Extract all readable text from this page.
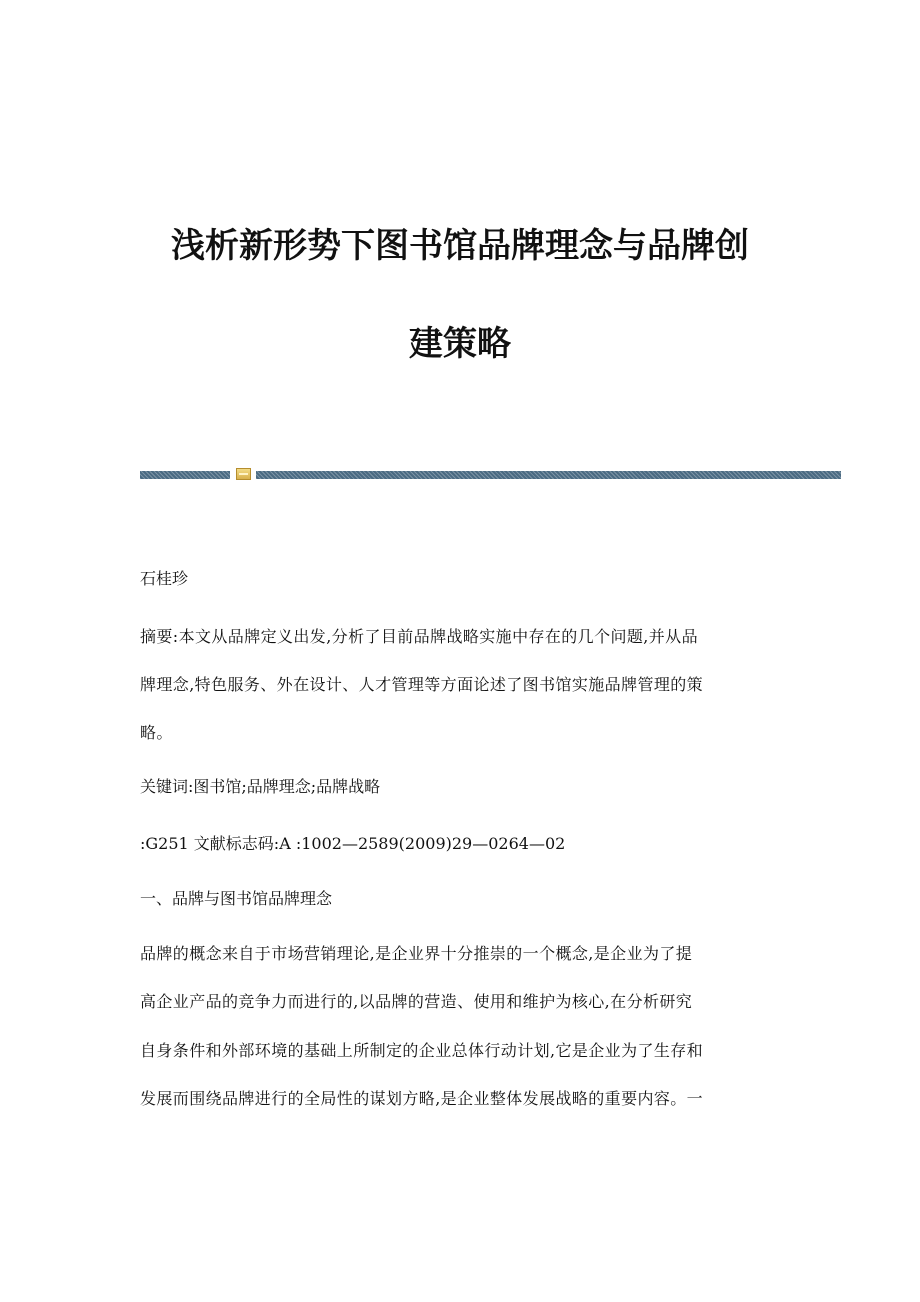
浅析新形势下图书馆品牌理念与品牌创
建策略
石桂珍
摘要:本文从品牌定义出发,分析了目前品牌战略实施中存在的几个问题,并从品
牌理念,特色服务、外在设计、人才管理等方面论述了图书馆实施品牌管理的策
略。
关键词:图书馆;品牌理念;品牌战略
:G251 文献标志码:A :1002—2589(2009)29—0264—02
一、品牌与图书馆品牌理念
品牌的概念来自于市场营销理论,是企业界十分推崇的一个概念,是企业为了提
高企业产品的竞争力而进行的,以品牌的营造、使用和维护为核心,在分析研究
自身条件和外部环境的基础上所制定的企业总体行动计划,它是企业为了生存和
发展而围绕品牌进行的全局性的谋划方略,是企业整体发展战略的重要内容。一
